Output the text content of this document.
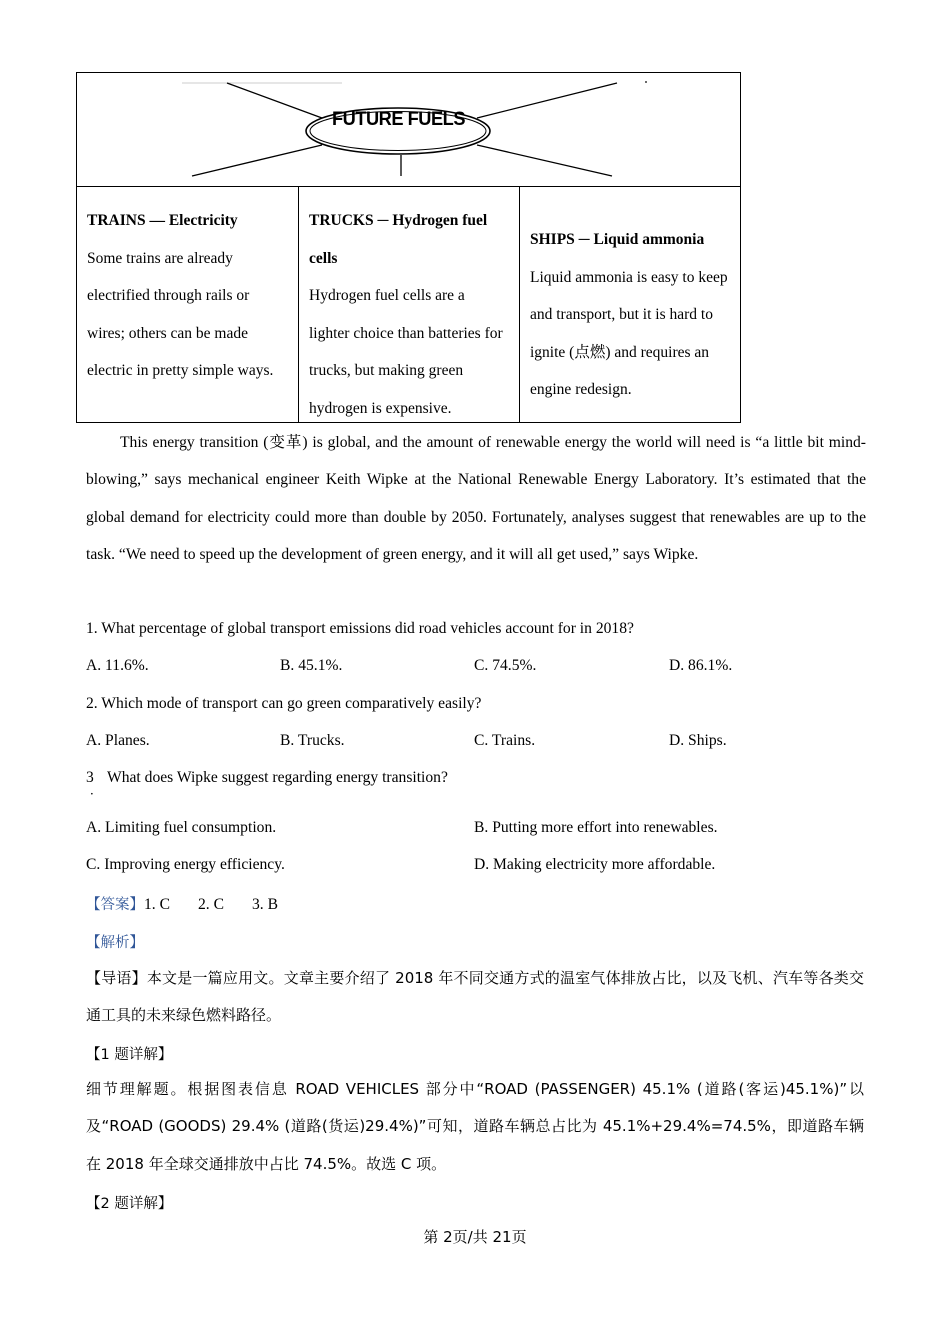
FUTURE FUELS
TRAINS — Electricity
Some trains are already electrified through rails or wires; others can be made electric in pretty simple ways.
TRUCKS ─ Hydrogen fuel cells
Hydrogen fuel cells are a lighter choice than batteries for trucks, but making green hydrogen is expensive.
SHIPS ─ Liquid ammonia
Liquid ammonia is easy to keep and transport, but it is hard to ignite (点燃) and requires an engine redesign.
This energy transition (变革) is global, and the amount of renewable energy the world will need is “a little bit mind-blowing,” says mechanical engineer Keith Wipke at the National Renewable Energy Laboratory. It’s estimated that the global demand for electricity could more than double by 2050. Fortunately, analyses suggest that renewables are up to the task. “We need to speed up the development of green energy, and it will all get used,” says Wipke.
1. What percentage of global transport emissions did road vehicles account for in 2018?
A. 11.6%.	B. 45.1%.	C. 74.5%.	D. 86.1%.
2. Which mode of transport can go green comparatively easily?
A. Planes.	B. Trucks.	C. Trains.	D. Ships.
3
．
What does Wipke suggest regarding energy transition?
A. Limiting fuel consumption.	B. Putting more effort into renewables.
C. Improving energy efficiency.	D. Making electricity more affordable.
【答案】1. C 2. C 3. B
【解析】
【导语】本文是一篇应用文。文章主要介绍了 2018 年不同交通方式的温室气体排放占比，以及飞机、汽车等各类交通工具的未来绿色燃料路径。
【1 题详解】
细节理解题。根据图表信息 ROAD VEHICLES 部分中“ROAD (PASSENGER) 45.1% (道路(客运)45.1%)”以及“ROAD (GOODS) 29.4% (道路(货运)29.4%)”可知，道路车辆总占比为 45.1%+29.4%=74.5%，即道路车辆在 2018 年全球交通排放中占比 74.5%。故选 C 项。
【2 题详解】
第 2页/共 21页
